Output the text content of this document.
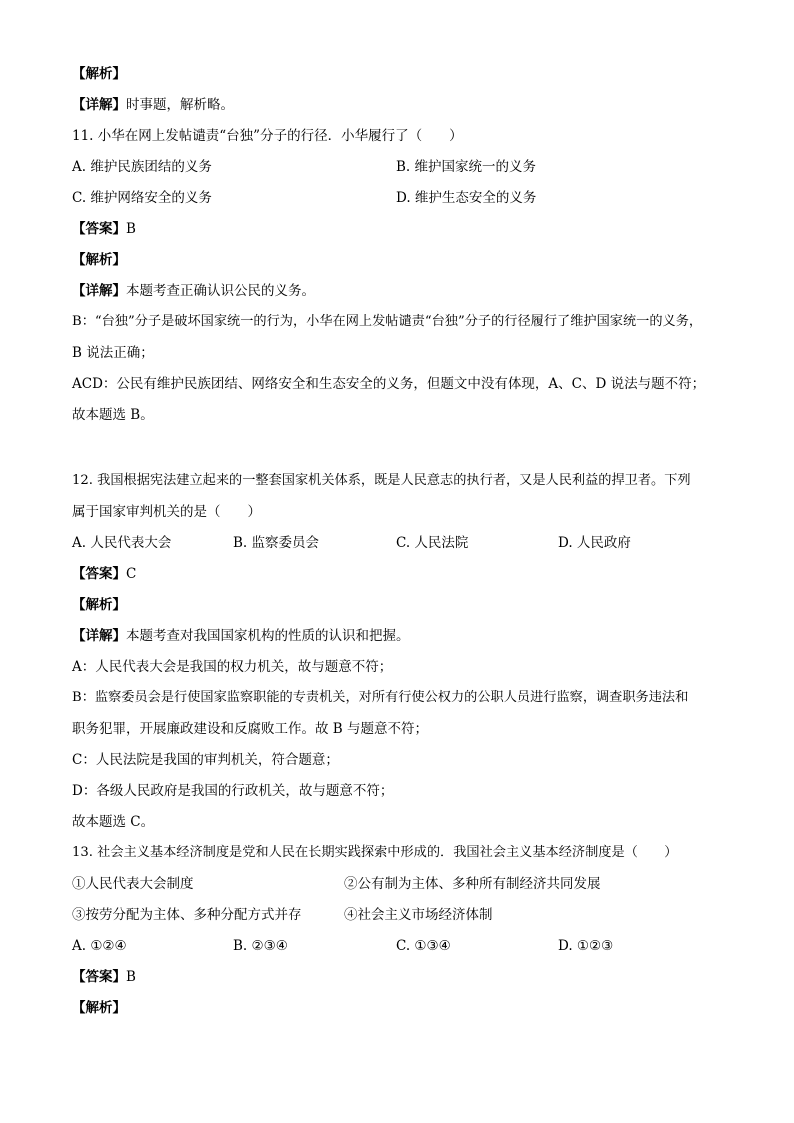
【解析】
【详解】时事题，解析略。
11. 小华在网上发帖谴责“台独”分子的行径．小华履行了（　　）
A. 维护民族团结的义务	B. 维护国家统一的义务
C. 维护网络安全的义务	D. 维护生态安全的义务
【答案】B
【解析】
【详解】本题考查正确认识公民的义务。
B：“台独”分子是破坏国家统一的行为，小华在网上发帖谴责“台独”分子的行径履行了维护国家统一的义务，
B 说法正确；
ACD：公民有维护民族团结、网络安全和生态安全的义务，但题文中没有体现，A、C、D 说法与题不符；
故本题选 B。
12. 我国根据宪法建立起来的一整套国家机关体系，既是人民意志的执行者，又是人民利益的捍卫者。下列
属于国家审判机关的是（　　）
A. 人民代表大会	B. 监察委员会	C. 人民法院	D. 人民政府
【答案】C
【解析】
【详解】本题考查对我国国家机构的性质的认识和把握。
A：人民代表大会是我国的权力机关，故与题意不符；
B：监察委员会是行使国家监察职能的专责机关，对所有行使公权力的公职人员进行监察，调查职务违法和
职务犯罪，开展廉政建设和反腐败工作。故 B 与题意不符；
C：人民法院是我国的审判机关，符合题意；
D：各级人民政府是我国的行政机关，故与题意不符；
故本题选 C。
13. 社会主义基本经济制度是党和人民在长期实践探索中形成的．我国社会主义基本经济制度是（　　）
①人民代表大会制度	②公有制为主体、多种所有制经济共同发展
③按劳分配为主体、多种分配方式并存	④社会主义市场经济体制
A. ①②④	B. ②③④	C. ①③④	D. ①②③
【答案】B
【解析】
